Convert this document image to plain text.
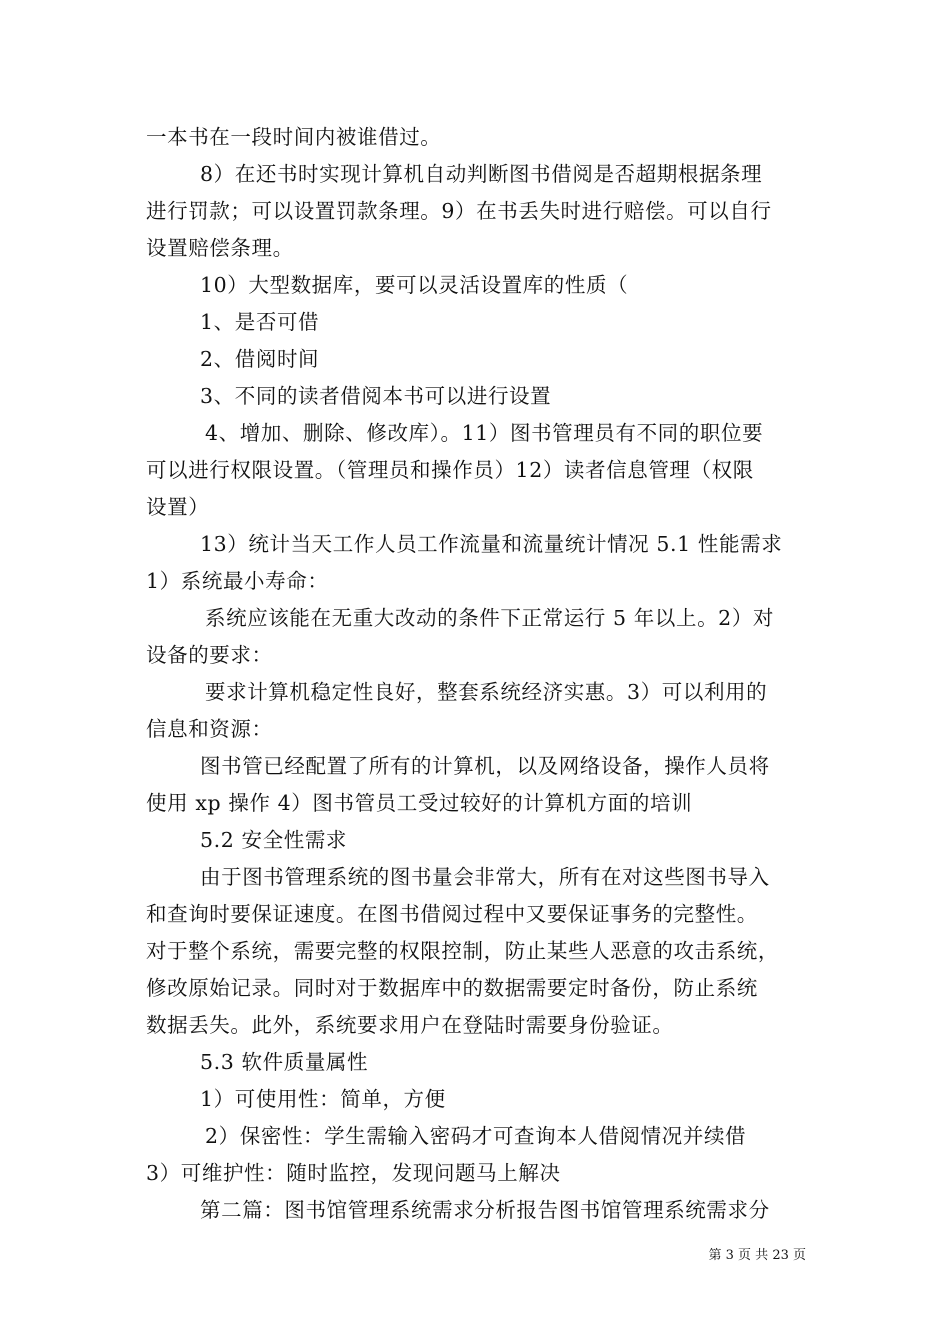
一本书在一段时间内被谁借过。
8）在还书时实现计算机自动判断图书借阅是否超期根据条理
进行罚款；可以设置罚款条理。9）在书丢失时进行赔偿。可以自行
设置赔偿条理。
10）大型数据库，要可以灵活设置库的性质（
1、是否可借
2、借阅时间
3、不同的读者借阅本书可以进行设置
4、增加、删除、修改库）。11）图书管理员有不同的职位要
可以进行权限设置。（管理员和操作员）12）读者信息管理（权限
设置）
13）统计当天工作人员工作流量和流量统计情况 5.1 性能需求
1）系统最小寿命：
系统应该能在无重大改动的条件下正常运行 5 年以上。2）对
设备的要求：
要求计算机稳定性良好，整套系统经济实惠。3）可以利用的
信息和资源：
图书管已经配置了所有的计算机，以及网络设备，操作人员将
使用 xp 操作 4）图书管员工受过较好的计算机方面的培训
5.2 安全性需求
由于图书管理系统的图书量会非常大，所有在对这些图书导入
和查询时要保证速度。在图书借阅过程中又要保证事务的完整性。
对于整个系统，需要完整的权限控制，防止某些人恶意的攻击系统，
修改原始记录。同时对于数据库中的数据需要定时备份，防止系统
数据丢失。此外，系统要求用户在登陆时需要身份验证。
5.3 软件质量属性
1）可使用性：简单，方便
2）保密性：学生需输入密码才可查询本人借阅情况并续借
3）可维护性：随时监控，发现问题马上解决
第二篇：图书馆管理系统需求分析报告图书馆管理系统需求分
第 3 页 共 23 页
